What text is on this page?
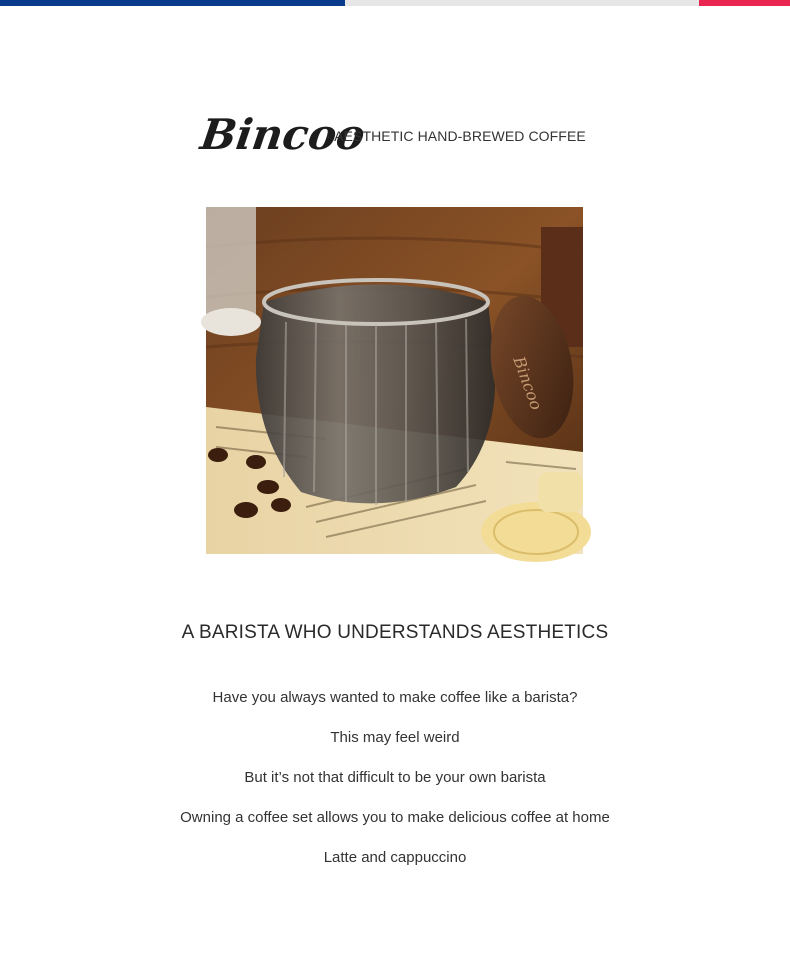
Bincoo
· AESTHETIC HAND-BREWED COFFEE
Bincoo
A BARISTA WHO UNDERSTANDS AESTHETICS

Have you always wanted to make coffee like a barista?

This may feel weird

But it’s not that difficult to be your own barista

Owning a coffee set allows you to make delicious coffee at home

Latte and cappuccino
